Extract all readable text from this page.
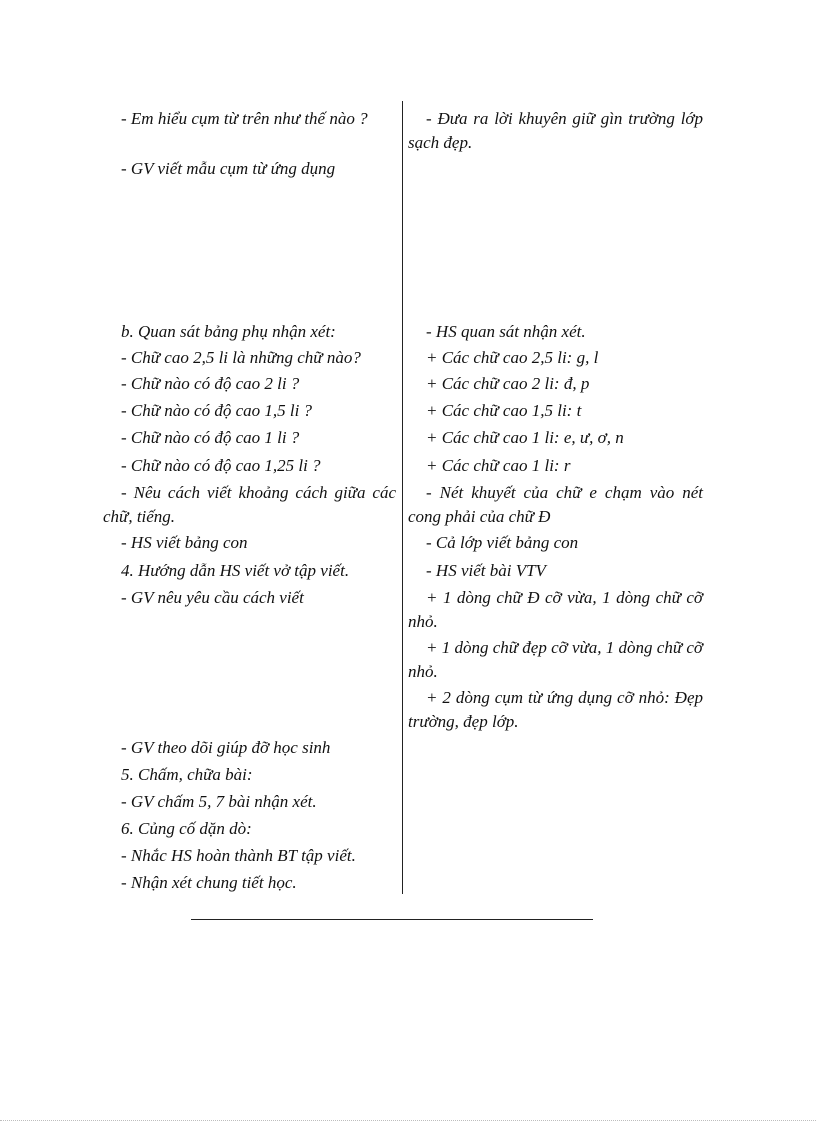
- Em hiểu cụm từ trên như thế nào ?
- GV viết mẫu cụm từ ứng dụng
b. Quan sát bảng phụ nhận xét:
- Chữ cao 2,5 li là những chữ nào?
- Chữ nào có độ cao 2 li ?
- Chữ nào có độ cao 1,5 li ?
- Chữ nào có độ cao 1 li ?
- Chữ nào có độ cao 1,25 li ?
- Nêu cách viết khoảng cách giữa các chữ, tiếng.
- HS viết bảng con
4. Hướng dẫn HS viết vở tập viết.
- GV nêu yêu cầu cách viết
- GV theo dõi giúp đỡ học sinh
5. Chấm, chữa bài:
- GV chấm 5, 7 bài nhận xét.
6. Củng cố dặn dò:
- Nhắc HS hoàn thành BT tập viết.
- Nhận xét chung tiết học.
- Đưa ra lời khuyên giữ gìn trường lớp sạch đẹp.
- HS quan sát nhận xét.
+ Các chữ cao 2,5 li: g, l
+ Các chữ cao 2 li: đ, p
+ Các chữ cao 1,5 li: t
+ Các chữ cao 1 li: e, ư, ơ, n
+ Các chữ cao 1 li: r
- Nét khuyết của chữ e chạm vào nét cong phải của chữ Đ
- Cả lớp viết bảng con
- HS viết bài VTV
+ 1 dòng chữ Đ cỡ vừa, 1 dòng chữ cỡ nhỏ.
+ 1 dòng chữ đẹp cỡ vừa, 1 dòng chữ cỡ nhỏ.
+ 2 dòng cụm từ ứng dụng cỡ nhỏ: Đẹp trường, đẹp lớp.
